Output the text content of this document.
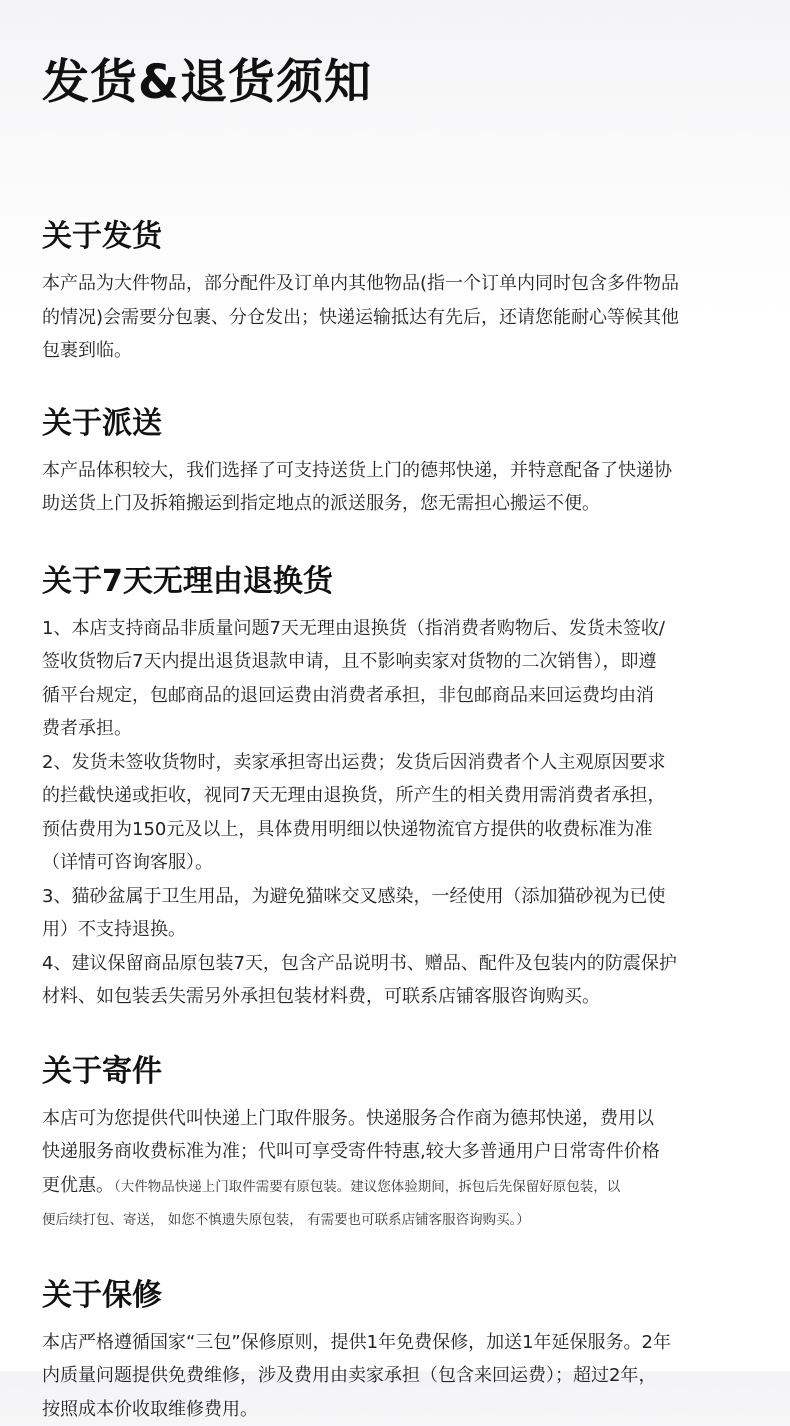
发货&退货须知
关于发货

本产品为大件物品，部分配件及订单内其他物品(指一个订单内同时包含多件物品

的情况)会需要分包裹、分仓发出；快递运输抵达有先后，还请您能耐心等候其他

包裹到临。

关于派送

本产品体积较大，我们选择了可支持送货上门的德邦快递，并特意配备了快递协

助送货上门及拆箱搬运到指定地点的派送服务，您无需担心搬运不便。

关于7天无理由退换货

1、本店支持商品非质量问题7天无理由退换货（指消费者购物后、发货未签收/

签收货物后7天内提出退货退款申请，且不影响卖家对货物的二次销售），即遵

循平台规定，包邮商品的退回运费由消费者承担，非包邮商品来回运费均由消

费者承担。

2、发货未签收货物时，卖家承担寄出运费；发货后因消费者个人主观原因要求

的拦截快递或拒收，视同7天无理由退换货，所产生的相关费用需消费者承担，

预估费用为150元及以上，具体费用明细以快递物流官方提供的收费标准为准

（详情可咨询客服）。

3、猫砂盆属于卫生用品，为避免猫咪交叉感染，一经使用（添加猫砂视为已使

用）不支持退换。

4、建议保留商品原包装7天，包含产品说明书、赠品、配件及包装内的防震保护

材料、如包装丢失需另外承担包装材料费，可联系店铺客服咨询购买。

关于寄件

本店可为您提供代叫快递上门取件服务。快递服务合作商为德邦快递，费用以

快递服务商收费标准为准；代叫可享受寄件特惠,较大多普通用户日常寄件价格

更优惠。（大件物品快递上门取件需要有原包装。建议您体验期间，拆包后先保留好原包装，以

便后续打包、寄送， 如您不慎遗失原包装， 有需要也可联系店铺客服咨询购买。）

关于保修

本店严格遵循国家“三包”保修原则，提供1年免费保修，加送1年延保服务。2年

内质量问题提供免费维修，涉及费用由卖家承担（包含来回运费）；超过2年，

按照成本价收取维修费用。
